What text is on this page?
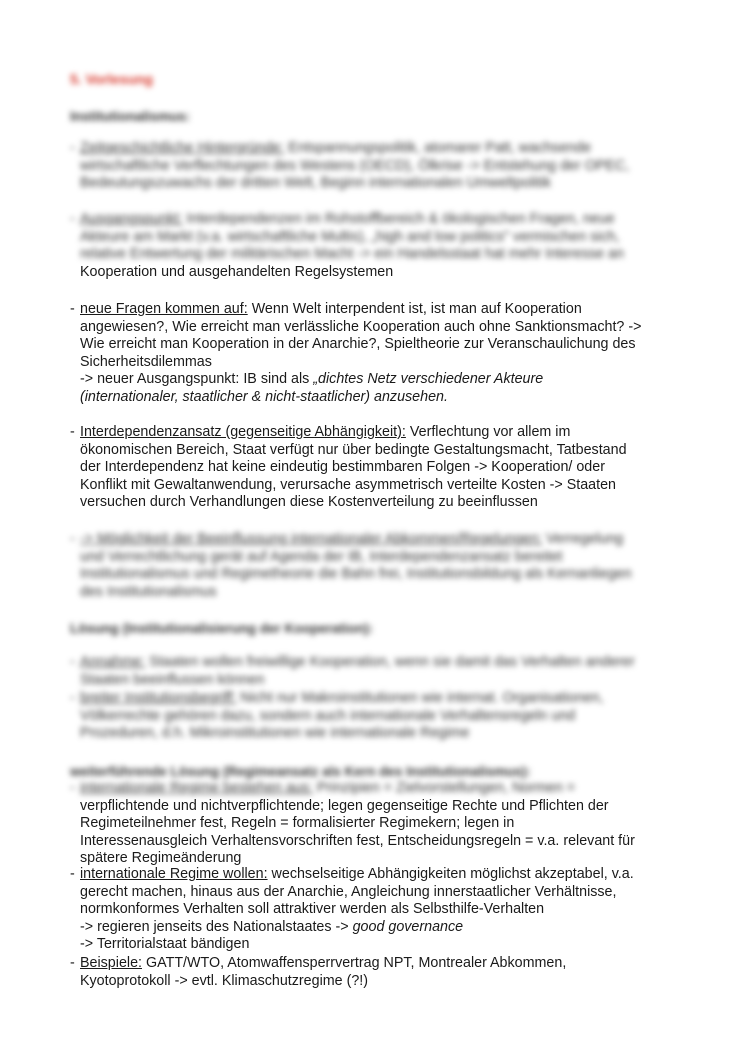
5. Vorlesung
Institutionalismus:
- Zeitgeschichtliche Hintergründe: Entspannungspolitik, atomarer Patt, wachsende
wirtschaftliche Verflechtungen des Westens (OECD), Ölkrise -> Entstehung der OPEC,
Bedeutungszuwachs der dritten Welt, Beginn internationalen Umweltpolitik
- Ausgangspunkt: Interdependenzen im Rohstoffbereich & ökologischen Fragen, neue
Akteure am Markt (v.a. wirtschaftliche Multis), „high and low politics" vermischen sich,
relative Entwertung der militärischen Macht -> ein Handelsstaat hat mehr Interesse an
Kooperation und ausgehandelten Regelsystemen
- neue Fragen kommen auf: Wenn Welt interpendent ist, ist man auf Kooperation
angewiesen?, Wie erreicht man verlässliche Kooperation auch ohne Sanktionsmacht? ->
Wie erreicht man Kooperation in der Anarchie?, Spieltheorie zur Veranschaulichung des
Sicherheitsdilemmas
-> neuer Ausgangspunkt: IB sind als „dichtes Netz verschiedener Akteure
(internationaler, staatlicher & nicht-staatlicher) anzusehen.
- Interdependenzansatz (gegenseitige Abhängigkeit): Verflechtung vor allem im
ökonomischen Bereich, Staat verfügt nur über bedingte Gestaltungsmacht, Tatbestand
der Interdependenz hat keine eindeutig bestimmbaren Folgen -> Kooperation/ oder
Konflikt mit Gewaltanwendung, verursache asymmetrisch verteilte Kosten -> Staaten
versuchen durch Verhandlungen diese Kostenverteilung zu beeinflussen
- -> Möglichkeit der Beeinflussung internationaler Abkommen/Regelungen: Verregelung
und Verrechtlichung gerät auf Agenda der IB, Interdependenzansatz bereitet
Institutionalismus und Regimetheorie die Bahn frei, Institutionsbildung als Kernanliegen
des Institutionalismus
Lösung (Institutionalisierung der Kooperation):
- Annahme: Staaten wollen freiwillige Kooperation, wenn sie damit das Verhalten anderer
Staaten beeinflussen können
- breiter Institutionsbegriff: Nicht nur Makroinstitutionen wie internat. Organisationen,
Völkerrechte gehören dazu, sondern auch internationale Verhaltensregeln und
Prozeduren, d.h. Mikroinstitutionen wie internationale Regime
weiterführende Lösung (Regimeansatz als Kern des Institutionalismus):
- internationale Regime bestehen aus: Prinzipien = Zielvorstellungen, Normen =
verpflichtende und nichtverpflichtende; legen gegenseitige Rechte und Pflichten der
Regimeteilnehmer fest, Regeln = formalisierter Regimekern; legen in
Interessenausgleich Verhaltensvorschriften fest, Entscheidungsregeln = v.a. relevant für
spätere Regimeänderung
- internationale Regime wollen: wechselseitige Abhängigkeiten möglichst akzeptabel, v.a.
gerecht machen, hinaus aus der Anarchie, Angleichung innerstaatlicher Verhältnisse,
normkonformes Verhalten soll attraktiver werden als Selbsthilfe-Verhalten
-> regieren jenseits des Nationalstaates -> good governance
-> Territorialstaat bändigen
- Beispiele: GATT/WTO, Atomwaffensperrvertrag NPT, Montrealer Abkommen,
Kyotoprotokoll -> evtl. Klimaschutzregime (?!)
